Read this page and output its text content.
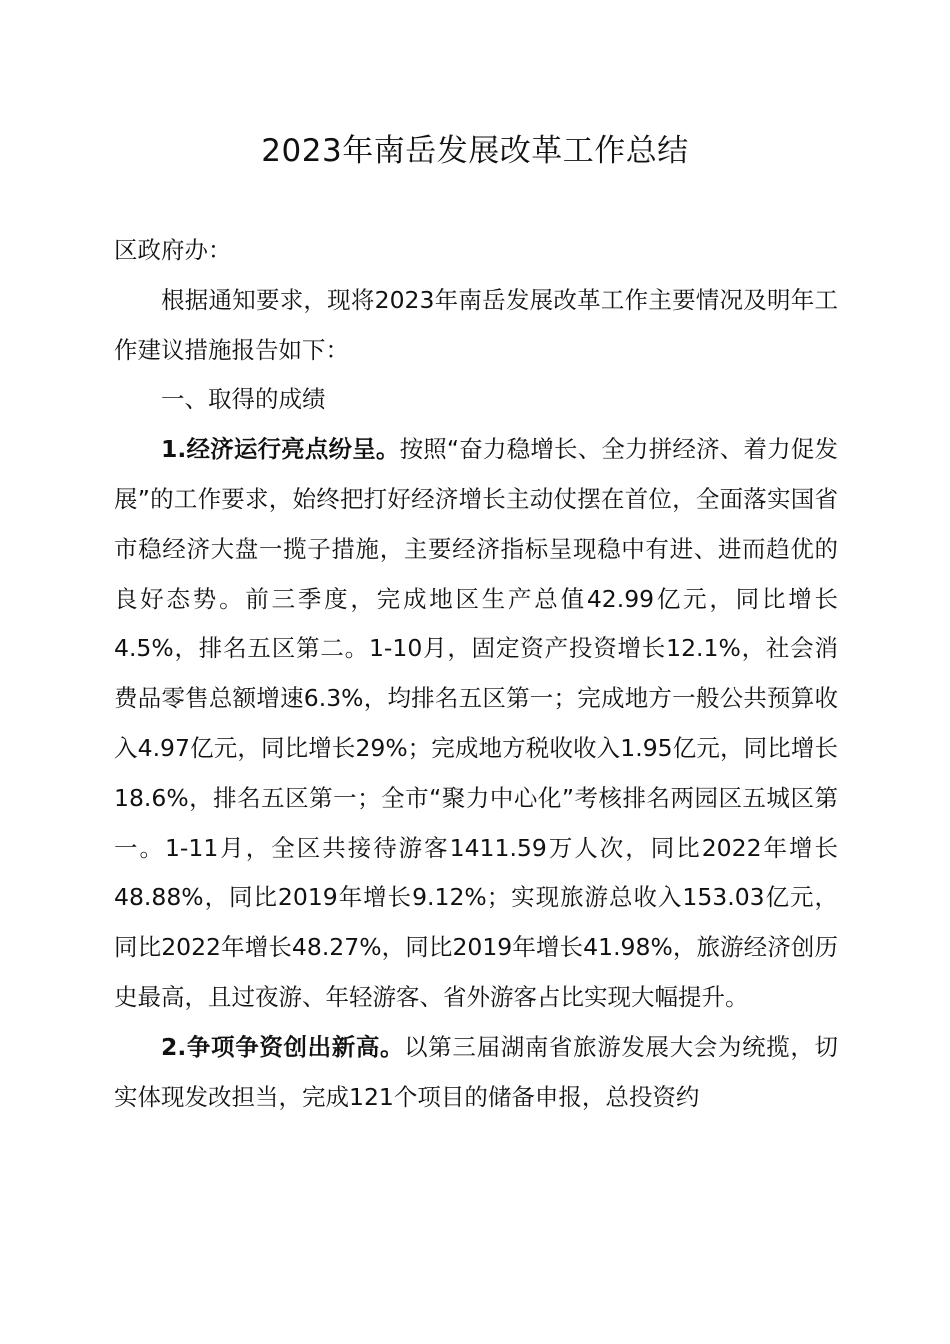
2023年南岳发展改革工作总结

区政府办：

根据通知要求，现将2023年南岳发展改革工作主要情况及明年工作建议措施报告如下：

一、取得的成绩

1.经济运行亮点纷呈。按照“奋力稳增长、全力拼经济、着力促发展”的工作要求，始终把打好经济增长主动仗摆在首位，全面落实国省市稳经济大盘一揽子措施，主要经济指标呈现稳中有进、进而趋优的良好态势。前三季度，完成地区生产总值42.99亿元，同比增长4.5%，排名五区第二。1-10月，固定资产投资增长12.1%，社会消费品零售总额增速6.3%，均排名五区第一；完成地方一般公共预算收入4.97亿元，同比增长29%；完成地方税收收入1.95亿元，同比增长18.6%，排名五区第一；全市“聚力中心化”考核排名两园区五城区第一。1-11月，全区共接待游客1411.59万人次，同比2022年增长48.88%，同比2019年增长9.12%；实现旅游总收入153.03亿元，同比2022年增长48.27%，同比2019年增长41.98%，旅游经济创历史最高，且过夜游、年轻游客、省外游客占比实现大幅提升。

2.争项争资创出新高。以第三届湖南省旅游发展大会为统揽，切实体现发改担当，完成121个项目的储备申报，总投资约
